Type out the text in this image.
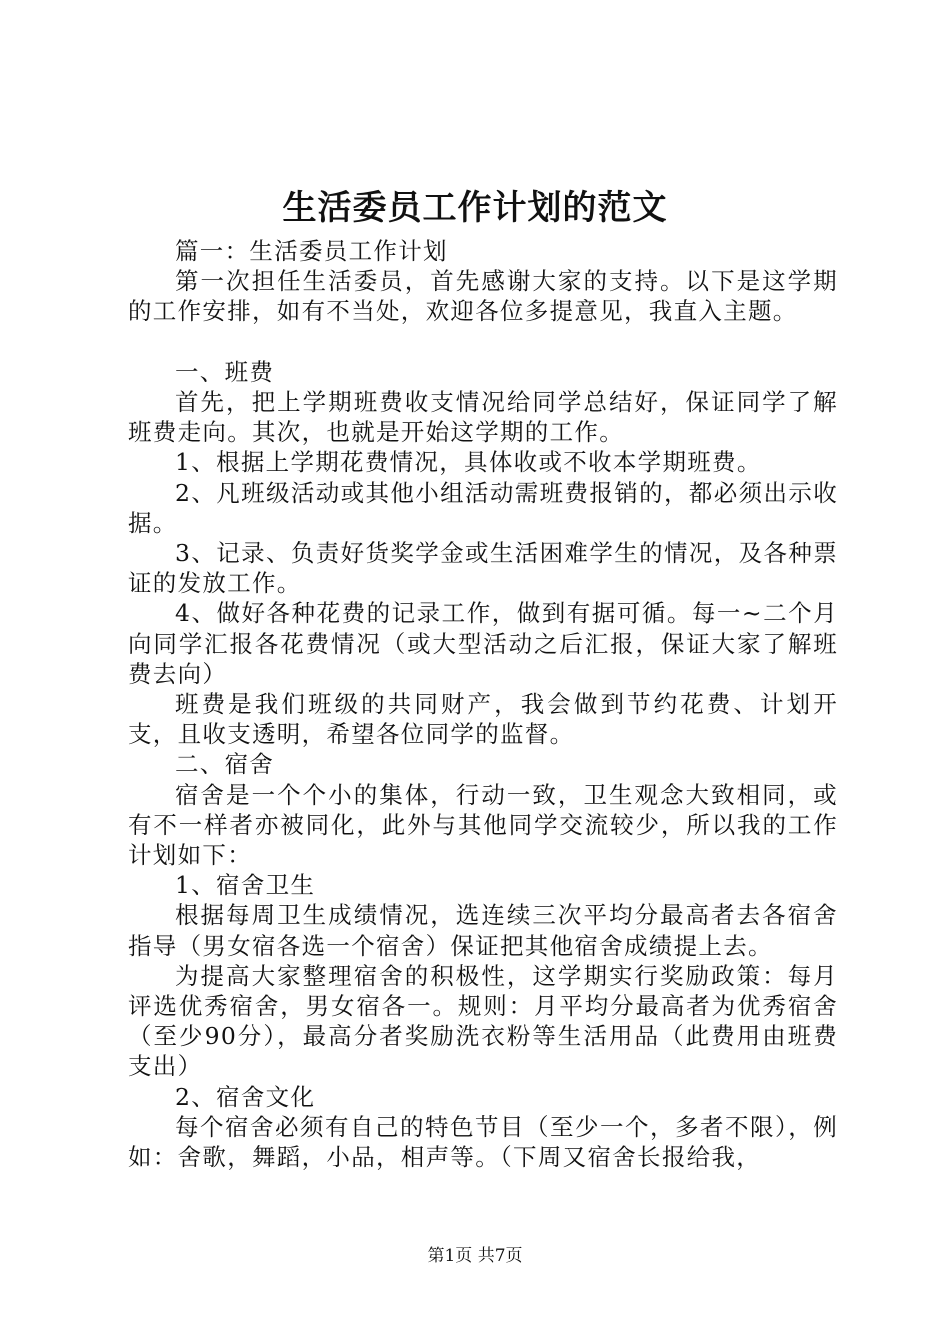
生活委员工作计划的范文

篇一：生活委员工作计划

第一次担任生活委员，首先感谢大家的支持。以下是这学期的工作安排，如有不当处，欢迎各位多提意见，我直入主题。

一、班费

首先，把上学期班费收支情况给同学总结好，保证同学了解班费走向。其次，也就是开始这学期的工作。

1、根据上学期花费情况，具体收或不收本学期班费。

2、凡班级活动或其他小组活动需班费报销的，都必须出示收据。

3、记录、负责好货奖学金或生活困难学生的情况，及各种票证的发放工作。

4、做好各种花费的记录工作，做到有据可循。每一~二个月向同学汇报各花费情况（或大型活动之后汇报，保证大家了解班费去向）

班费是我们班级的共同财产，我会做到节约花费、计划开支，且收支透明，希望各位同学的监督。

二、宿舍

宿舍是一个个小的集体，行动一致，卫生观念大致相同，或有不一样者亦被同化，此外与其他同学交流较少，所以我的工作计划如下：

1、宿舍卫生

根据每周卫生成绩情况，选连续三次平均分最高者去各宿舍指导（男女宿各选一个宿舍）保证把其他宿舍成绩提上去。

为提高大家整理宿舍的积极性，这学期实行奖励政策：每月评选优秀宿舍，男女宿各一。规则：月平均分最高者为优秀宿舍（至少90分），最高分者奖励洗衣粉等生活用品（此费用由班费支出）

2、宿舍文化

每个宿舍必须有自己的特色节目（至少一个，多者不限），例如：舍歌，舞蹈，小品，相声等。（下周又宿舍长报给我，

第1页 共7页
